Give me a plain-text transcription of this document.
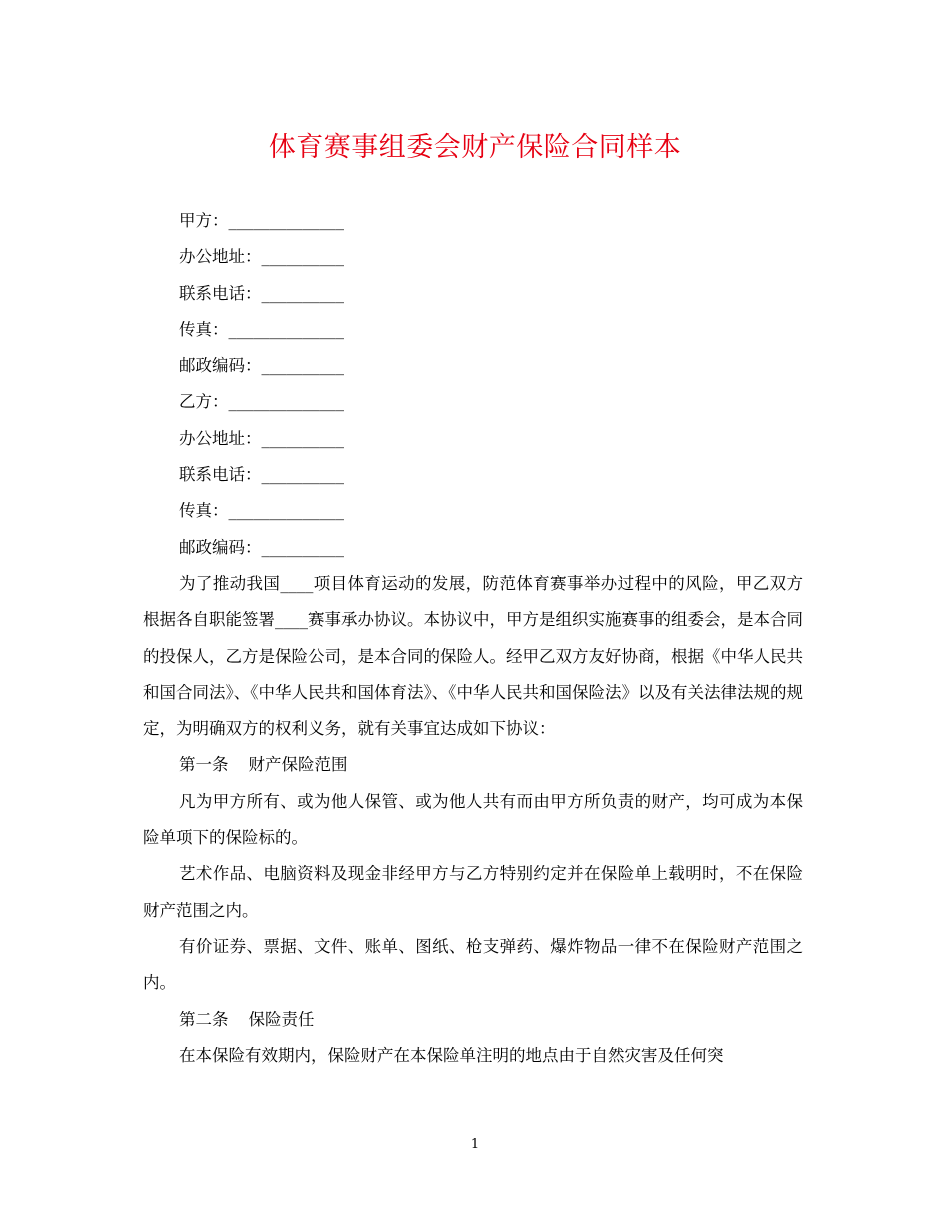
体育赛事组委会财产保险合同样本
甲方：______________
办公地址：__________
联系电话：__________
传真：______________
邮政编码：__________
乙方：______________
办公地址：__________
联系电话：__________
传真：______________
邮政编码：__________

为了推动我国____项目体育运动的发展，防范体育赛事举办过程中的风险，甲乙双方根据各自职能签署____赛事承办协议。本协议中，甲方是组织实施赛事的组委会，是本合同的投保人，乙方是保险公司，是本合同的保险人。经甲乙双方友好协商，根据《中华人民共和国合同法》、《中华人民共和国体育法》、《中华人民共和国保险法》以及有关法律法规的规定，为明确双方的权利义务，就有关事宜达成如下协议：

第一条 财产保险范围

凡为甲方所有、或为他人保管、或为他人共有而由甲方所负责的财产，均可成为本保险单项下的保险标的。

艺术作品、电脑资料及现金非经甲方与乙方特别约定并在保险单上载明时，不在保险财产范围之内。

有价证券、票据、文件、账单、图纸、枪支弹药、爆炸物品一律不在保险财产范围之内。

第二条 保险责任

在本保险有效期内，保险财产在本保险单注明的地点由于自然灾害及任何突

1
